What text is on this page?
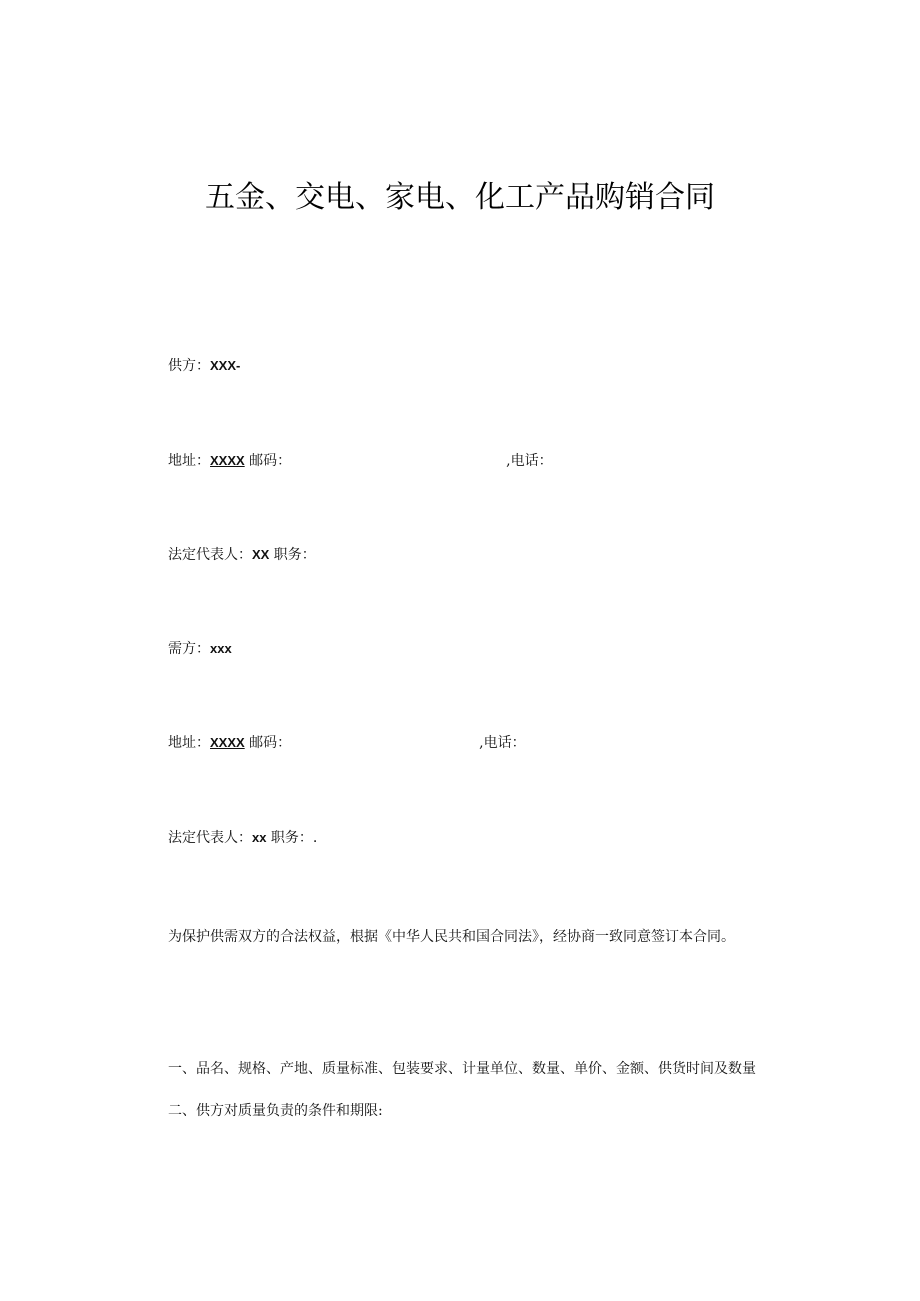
五金、交电、家电、化工产品购销合同
供方：XXX-
地址：XXXX 邮码：	,电话：
法定代表人：XX 职务：
需方：xxx
地址：XXXX 邮码：	,电话：
法定代表人：xx 职务：.
为保护供需双方的合法权益，根据《中华人民共和国合同法》，经协商一致同意签订本合同。
一、品名、规格、产地、质量标准、包装要求、计量单位、数量、单价、金额、供货时间及数量
二、供方对质量负责的条件和期限:
